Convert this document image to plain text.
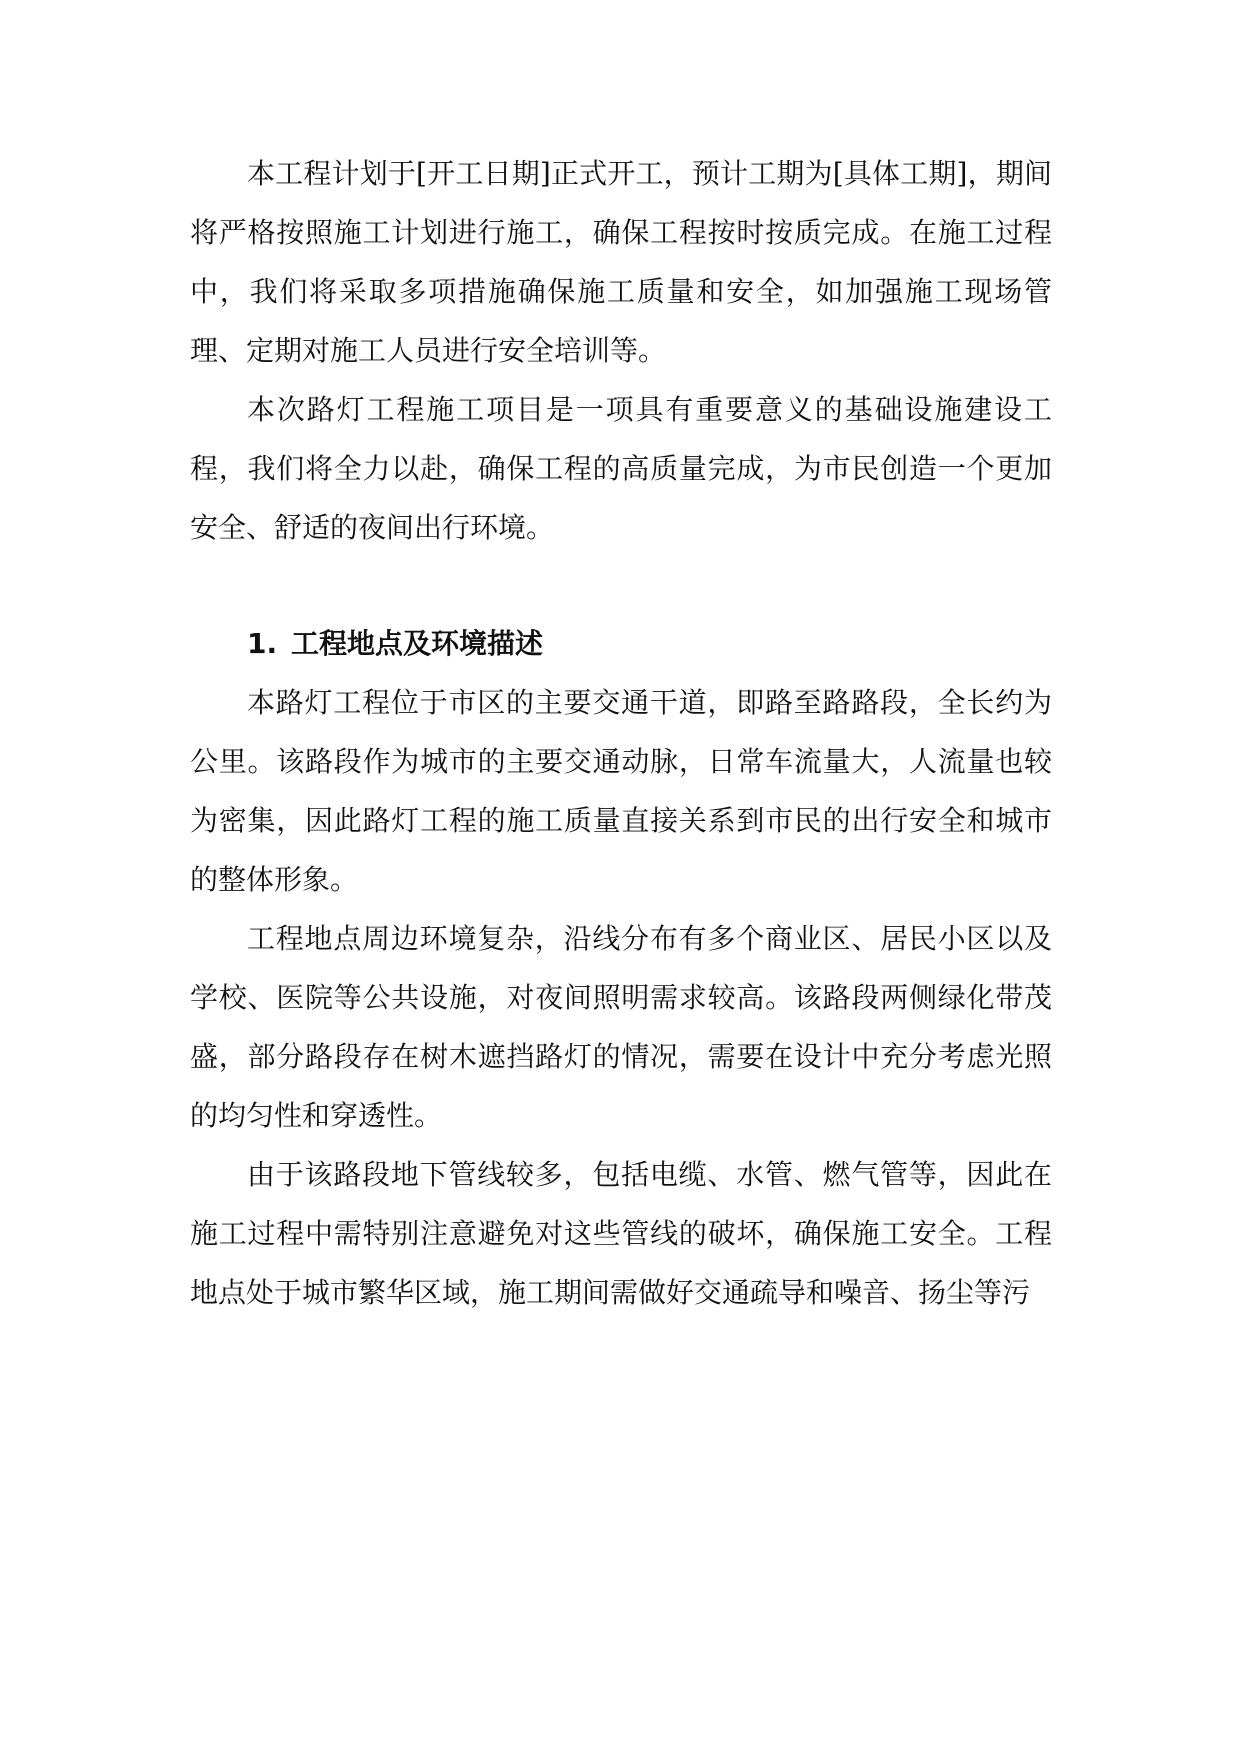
本工程计划于[开工日期]正式开工，预计工期为[具体工期]，期间将严格按照施工计划进行施工，确保工程按时按质完成。在施工过程中，我们将采取多项措施确保施工质量和安全，如加强施工现场管理、定期对施工人员进行安全培训等。

本次路灯工程施工项目是一项具有重要意义的基础设施建设工程，我们将全力以赴，确保工程的高质量完成，为市民创造一个更加安全、舒适的夜间出行环境。

1. 工程地点及环境描述

本路灯工程位于市区的主要交通干道，即路至路路段，全长约为公里。该路段作为城市的主要交通动脉，日常车流量大，人流量也较为密集，因此路灯工程的施工质量直接关系到市民的出行安全和城市的整体形象。

工程地点周边环境复杂，沿线分布有多个商业区、居民小区以及学校、医院等公共设施，对夜间照明需求较高。该路段两侧绿化带茂盛，部分路段存在树木遮挡路灯的情况，需要在设计中充分考虑光照的均匀性和穿透性。

由于该路段地下管线较多，包括电缆、水管、燃气管等，因此在施工过程中需特别注意避免对这些管线的破坏，确保施工安全。工程地点处于城市繁华区域，施工期间需做好交通疏导和噪音、扬尘等污
